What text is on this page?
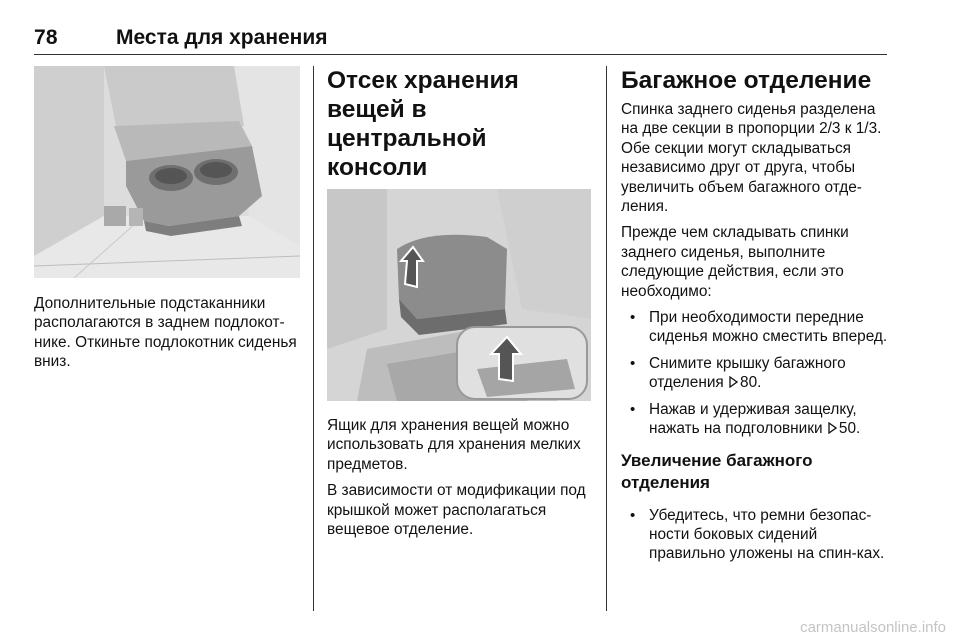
78	Места для хранения

Дополнительные подстаканники располагаются в заднем подлокот-нике. Откиньте подлокотник сиденья вниз.

Отсек хранения вещей в центральной консоли

Ящик для хранения вещей можно использовать для хранения мелких предметов.

В зависимости от модификации под крышкой может располагаться вещевое отделение.

Багажное отделение

Спинка заднего сиденья разделена на две секции в пропорции 2/3 к 1/3. Обе секции могут складываться независимо друг от друга, чтобы увеличить объем багажного отде-ления.

Прежде чем складывать спинки заднего сиденья, выполните следующие действия, если это необходимо:

• При необходимости передние сиденья можно сместить вперед.
• Снимите крышку багажного отделения 80.
• Нажав и удерживая защелку, нажать на подголовники 50.
Увеличение багажного отделения
• Убедитесь, что ремни безопас-ности боковых сидений правильно уложены на спин-ках.
carmanualsonline.info
